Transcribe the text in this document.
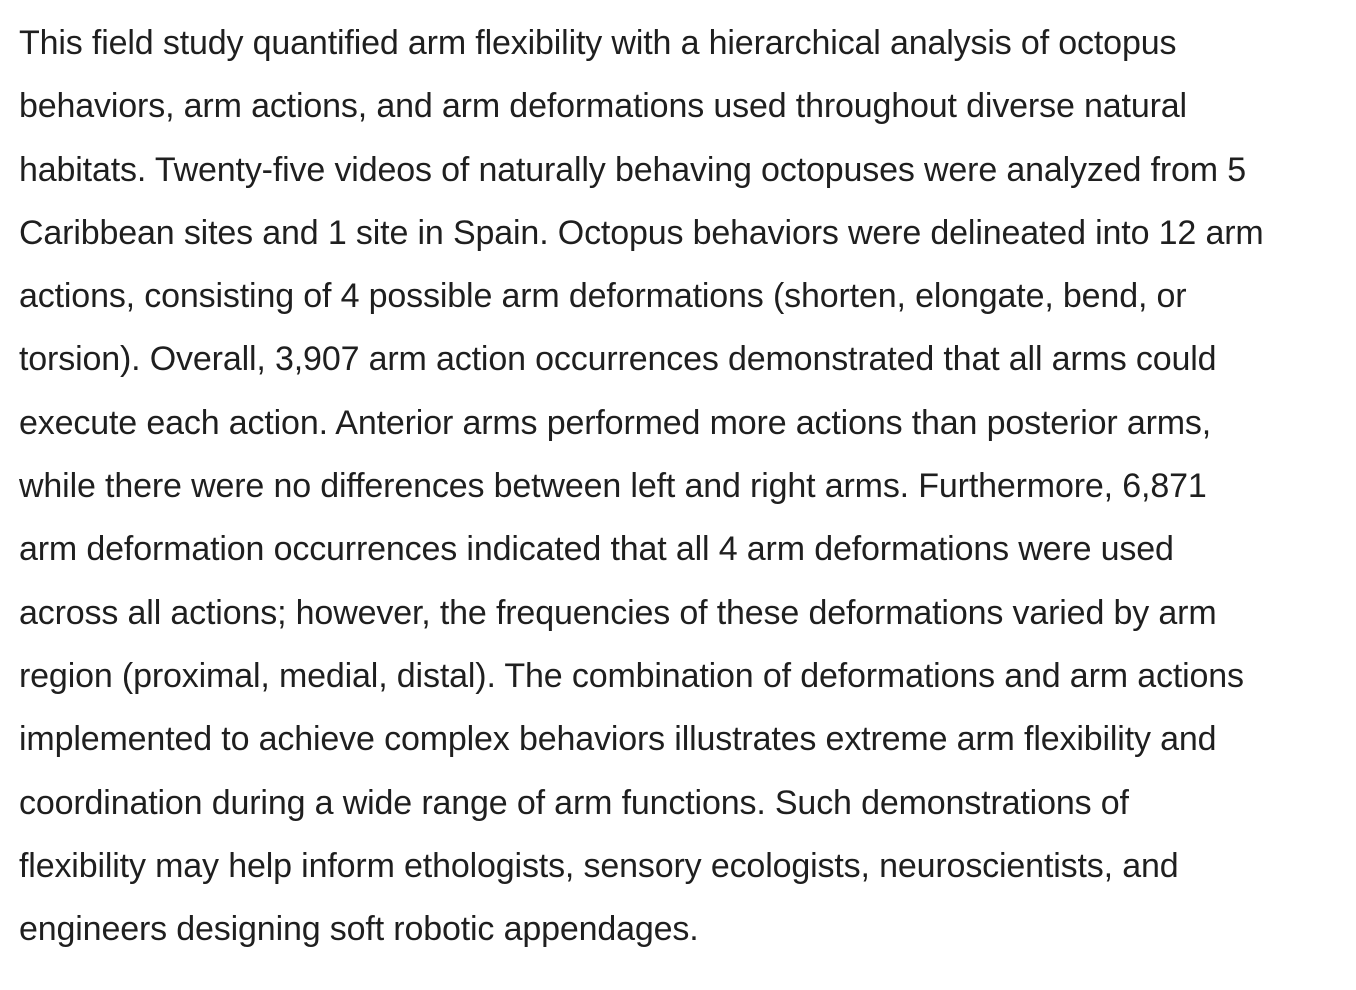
This field study quantified arm flexibility with a hierarchical analysis of octopus
behaviors, arm actions, and arm deformations used throughout diverse natural
habitats. Twenty-five videos of naturally behaving octopuses were analyzed from 5
Caribbean sites and 1 site in Spain. Octopus behaviors were delineated into 12 arm
actions, consisting of 4 possible arm deformations (shorten, elongate, bend, or
torsion). Overall, 3,907 arm action occurrences demonstrated that all arms could
execute each action. Anterior arms performed more actions than posterior arms,
while there were no differences between left and right arms. Furthermore, 6,871
arm deformation occurrences indicated that all 4 arm deformations were used
across all actions; however, the frequencies of these deformations varied by arm
region (proximal, medial, distal). The combination of deformations and arm actions
implemented to achieve complex behaviors illustrates extreme arm flexibility and
coordination during a wide range of arm functions. Such demonstrations of
flexibility may help inform ethologists, sensory ecologists, neuroscientists, and
engineers designing soft robotic appendages.
